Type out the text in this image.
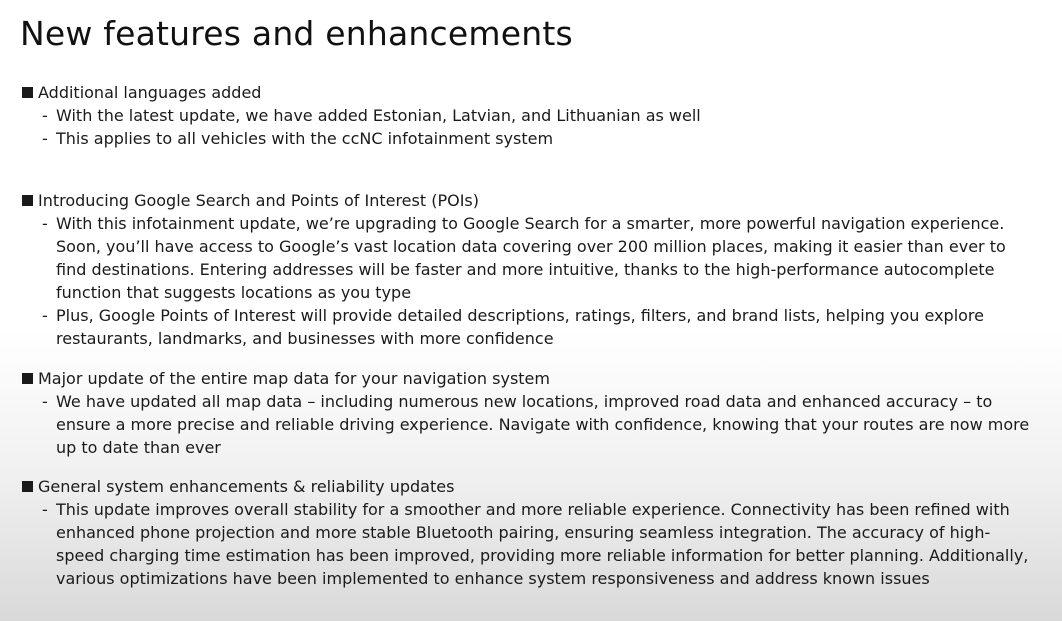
New features and enhancements
Additional languages added
- With the latest update, we have added Estonian, Latvian, and Lithuanian as well
- This applies to all vehicles with the ccNC infotainment system
Introducing Google Search and Points of Interest (POIs)
- With this infotainment update, we’re upgrading to Google Search for a smarter, more powerful navigation experience. Soon, you’ll have access to Google’s vast location data covering over 200 million places, making it easier than ever to find destinations. Entering addresses will be faster and more intuitive, thanks to the high-performance autocomplete function that suggests locations as you type
- Plus, Google Points of Interest will provide detailed descriptions, ratings, filters, and brand lists, helping you explore restaurants, landmarks, and businesses with more confidence
Major update of the entire map data for your navigation system
- We have updated all map data – including numerous new locations, improved road data and enhanced accuracy – to ensure a more precise and reliable driving experience. Navigate with confidence, knowing that your routes are now more up to date than ever
General system enhancements & reliability updates
- This update improves overall stability for a smoother and more reliable experience. Connectivity has been refined with enhanced phone projection and more stable Bluetooth pairing, ensuring seamless integration. The accuracy of high-speed charging time estimation has been improved, providing more reliable information for better planning. Additionally, various optimizations have been implemented to enhance system responsiveness and address known issues
